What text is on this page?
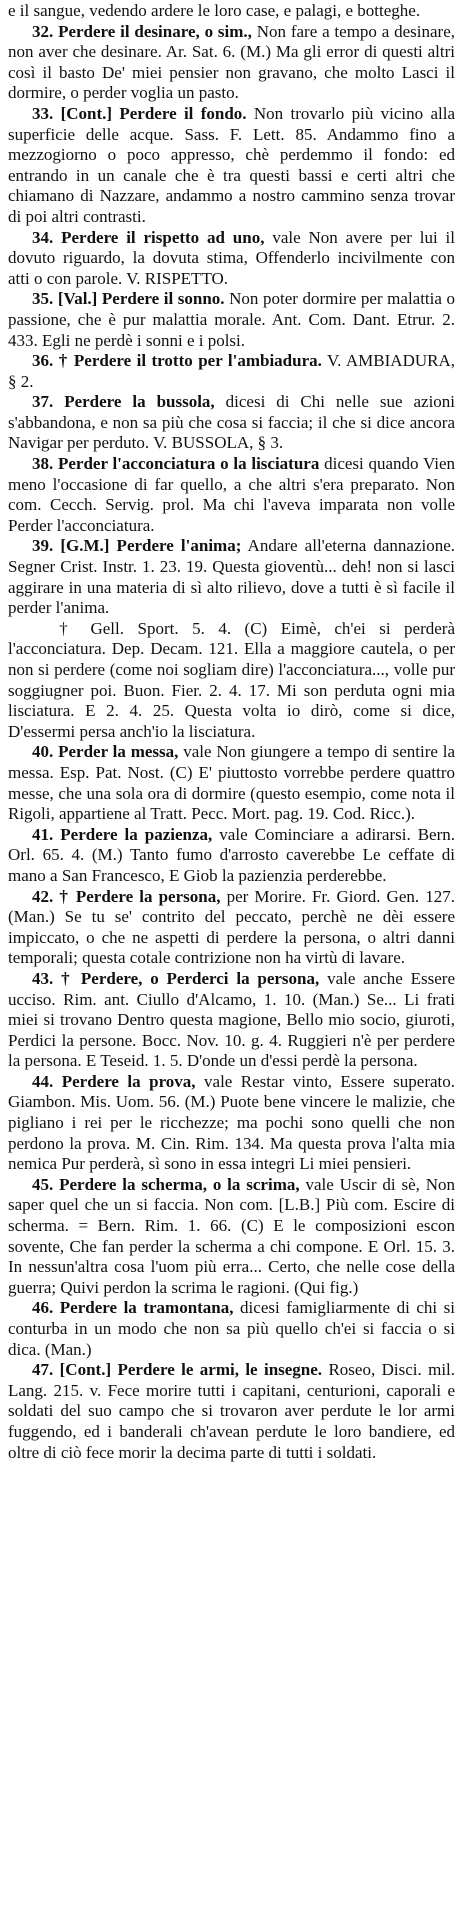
e il sangue, vedendo ardere le loro case, e palagi, e botteghe.

32. Perdere il desinare, o sim., Non fare a tempo a desinare, non aver che desinare. Ar. Sat. 6. (M.) Ma gli error di questi altri così il basto De' miei pensier non gravano, che molto Lasci il dormire, o perder voglia un pasto.

33. [Cont.] Perdere il fondo. Non trovarlo più vicino alla superficie delle acque. Sass. F. Lett. 85. Andammo fino a mezzogiorno o poco appresso, chè perdemmo il fondo: ed entrando in un canale che è tra questi bassi e certi altri che chiamano di Nazzare, andammo a nostro cammino senza trovar di poi altri contrasti.

34. Perdere il rispetto ad uno, vale Non avere per lui il dovuto riguardo, la dovuta stima, Offenderlo incivilmente con atti o con parole. V. RISPETTO.

35. [Val.] Perdere il sonno. Non poter dormire per malattia o passione, che è pur malattia morale. Ant. Com. Dant. Etrur. 2. 433. Egli ne perdè i sonni e i polsi.

36. † Perdere il trotto per l'ambiadura. V. AMBIADURA, § 2.

37. Perdere la bussola, dicesi di Chi nelle sue azioni s'abbandona, e non sa più che cosa si faccia; il che si dice ancora Navigar per perduto. V. BUSSOLA, § 3.

38. Perder l'acconciatura o la lisciatura dicesi quando Vien meno l'occasione di far quello, a che altri s'era preparato. Non com. Cecch. Servig. prol. Ma chi l'aveva imparata non volle Perder l'acconciatura.

39. [G.M.] Perdere l'anima; Andare all'eterna dannazione. Segner Crist. Instr. 1. 23. 19. Questa gioventù... deh! non si lasci aggirare in una materia di sì alto rilievo, dove a tutti è sì facile il perder l'anima.

† Gell. Sport. 5. 4. (C) Eimè, ch'ei si perderà l'acconciatura. Dep. Decam. 121. Ella a maggiore cautela, o per non si perdere (come noi sogliam dire) l'acconciatura..., volle pur soggiugner poi. Buon. Fier. 2. 4. 17. Mi son perduta ogni mia lisciatura. E 2. 4. 25. Questa volta io dirò, come si dice, D'essermi persa anch'io la lisciatura.

40. Perder la messa, vale Non giungere a tempo di sentire la messa. Esp. Pat. Nost. (C) E' piuttosto vorrebbe perdere quattro messe, che una sola ora di dormire (questo esempio, come nota il Rigoli, appartiene al Tratt. Pecc. Mort. pag. 19. Cod. Ricc.).

41. Perdere la pazienza, vale Cominciare a adirarsi. Bern. Orl. 65. 4. (M.) Tanto fumo d'arrosto caverebbe Le ceffate di mano a San Francesco, E Giob la pazienzia perderebbe.

42. † Perdere la persona, per Morire. Fr. Giord. Gen. 127. (Man.) Se tu se' contrito del peccato, perchè ne dèi essere impiccato, o che ne aspetti di perdere la persona, o altri danni temporali; questa cotale contrizione non ha virtù di lavare.

43. † Perdere, o Perderci la persona, vale anche Essere ucciso. Rim. ant. Ciullo d'Alcamo, 1. 10. (Man.) Se... Li frati miei si trovano Dentro questa magione, Bello mio socio, giuroti, Perdici la persone. Bocc. Nov. 10. g. 4. Ruggieri n'è per perdere la persona. E Teseid. 1. 5. D'onde un d'essi perdè la persona.

44. Perdere la prova, vale Restar vinto, Essere superato. Giambon. Mis. Uom. 56. (M.) Puote bene vincere le malizie, che pigliano i rei per le ricchezze; ma pochi sono quelli che non perdono la prova. M. Cin. Rim. 134. Ma questa prova l'alta mia nemica Pur perderà, sì sono in essa integri Li miei pensieri.

45. Perdere la scherma, o la scrima, vale Uscir di sè, Non saper quel che un si faccia. Non com. [L.B.] Più com. Escire di scherma. = Bern. Rim. 1. 66. (C) E le composizioni escon sovente, Che fan perder la scherma a chi compone. E Orl. 15. 3. In nessun'altra cosa l'uom più erra... Certo, che nelle cose della guerra; Quivi perdon la scrima le ragioni. (Qui fig.)

46. Perdere la tramontana, dicesi famigliarmente di chi si conturba in un modo che non sa più quello ch'ei si faccia o si dica. (Man.)

47. [Cont.] Perdere le armi, le insegne. Roseo, Disci. mil. Lang. 215. v. Fece morire tutti i capitani, centurioni, caporali e soldati del suo campo che si trovaron aver perdute le lor armi fuggendo, ed i banderali ch'avean perdute le loro bandiere, ed oltre di ciò fece morir la decima parte di tutti i soldati.
